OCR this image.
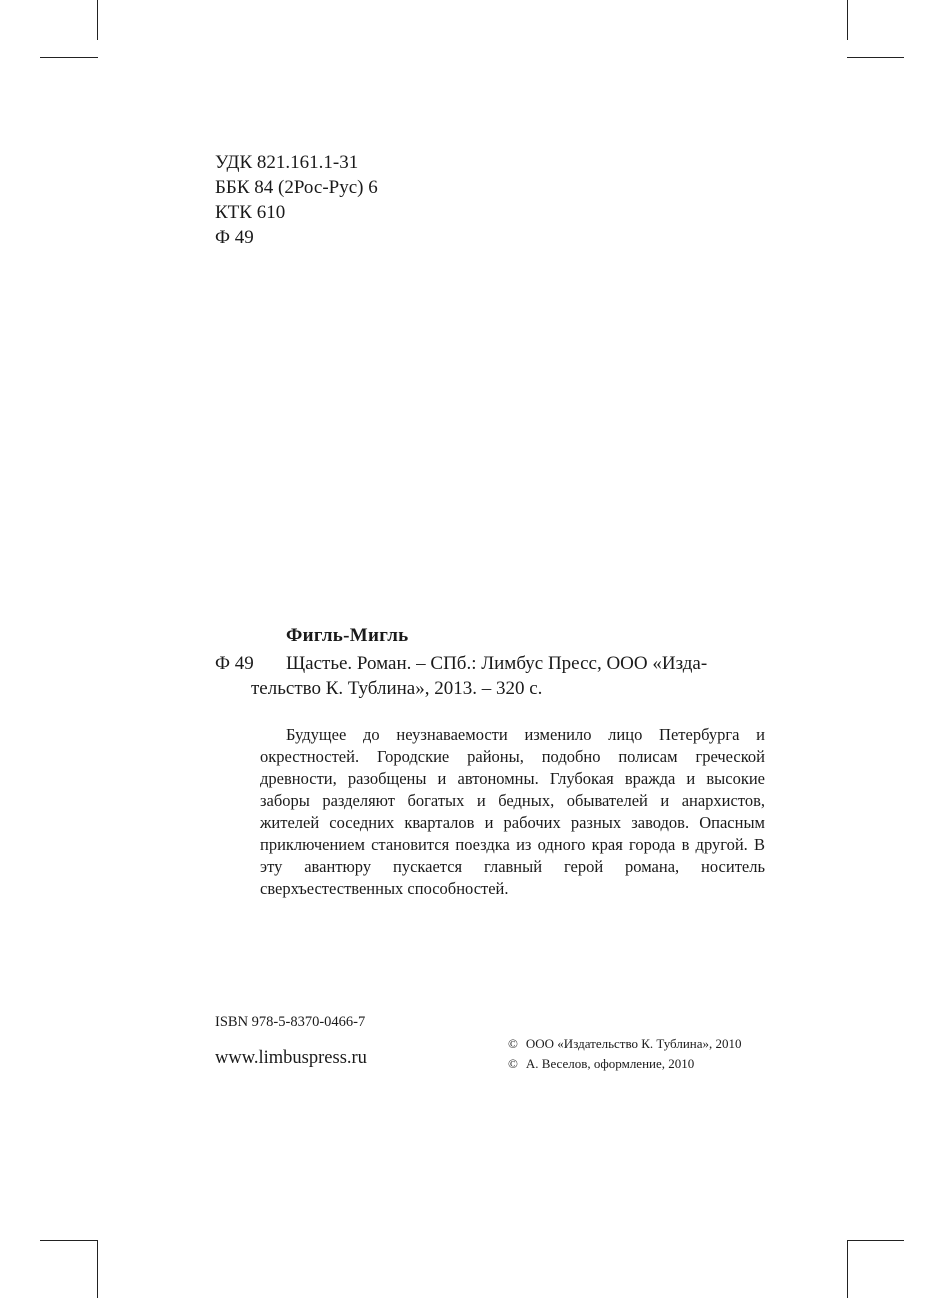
УДК 821.161.1-31
ББК 84 (2Рос-Рус) 6
КТК 610
Ф 49
Фигль-Мигль
Ф 49 Щастье. Роман. – СПб.: Лимбус Пресс, ООО «Изда-
тельство К. Тублина», 2013. – 320 с.
Будущее до неузнаваемости изменило лицо Петербурга и окрестностей. Городские районы, подобно полисам греческой древности, разобщены и автономны. Глубокая вражда и высокие заборы разделяют богатых и бедных, обывателей и анархистов, жителей соседних кварталов и рабочих разных заводов. Опасным приключением становится поездка из одного края города в другой. В эту авантюру пускается главный герой романа, носитель сверхъестественных способностей.
ISBN 978-5-8370-0466-7
www.limbuspress.ru
© ООО «Издательство К. Тублина», 2010
© А. Веселов, оформление, 2010
